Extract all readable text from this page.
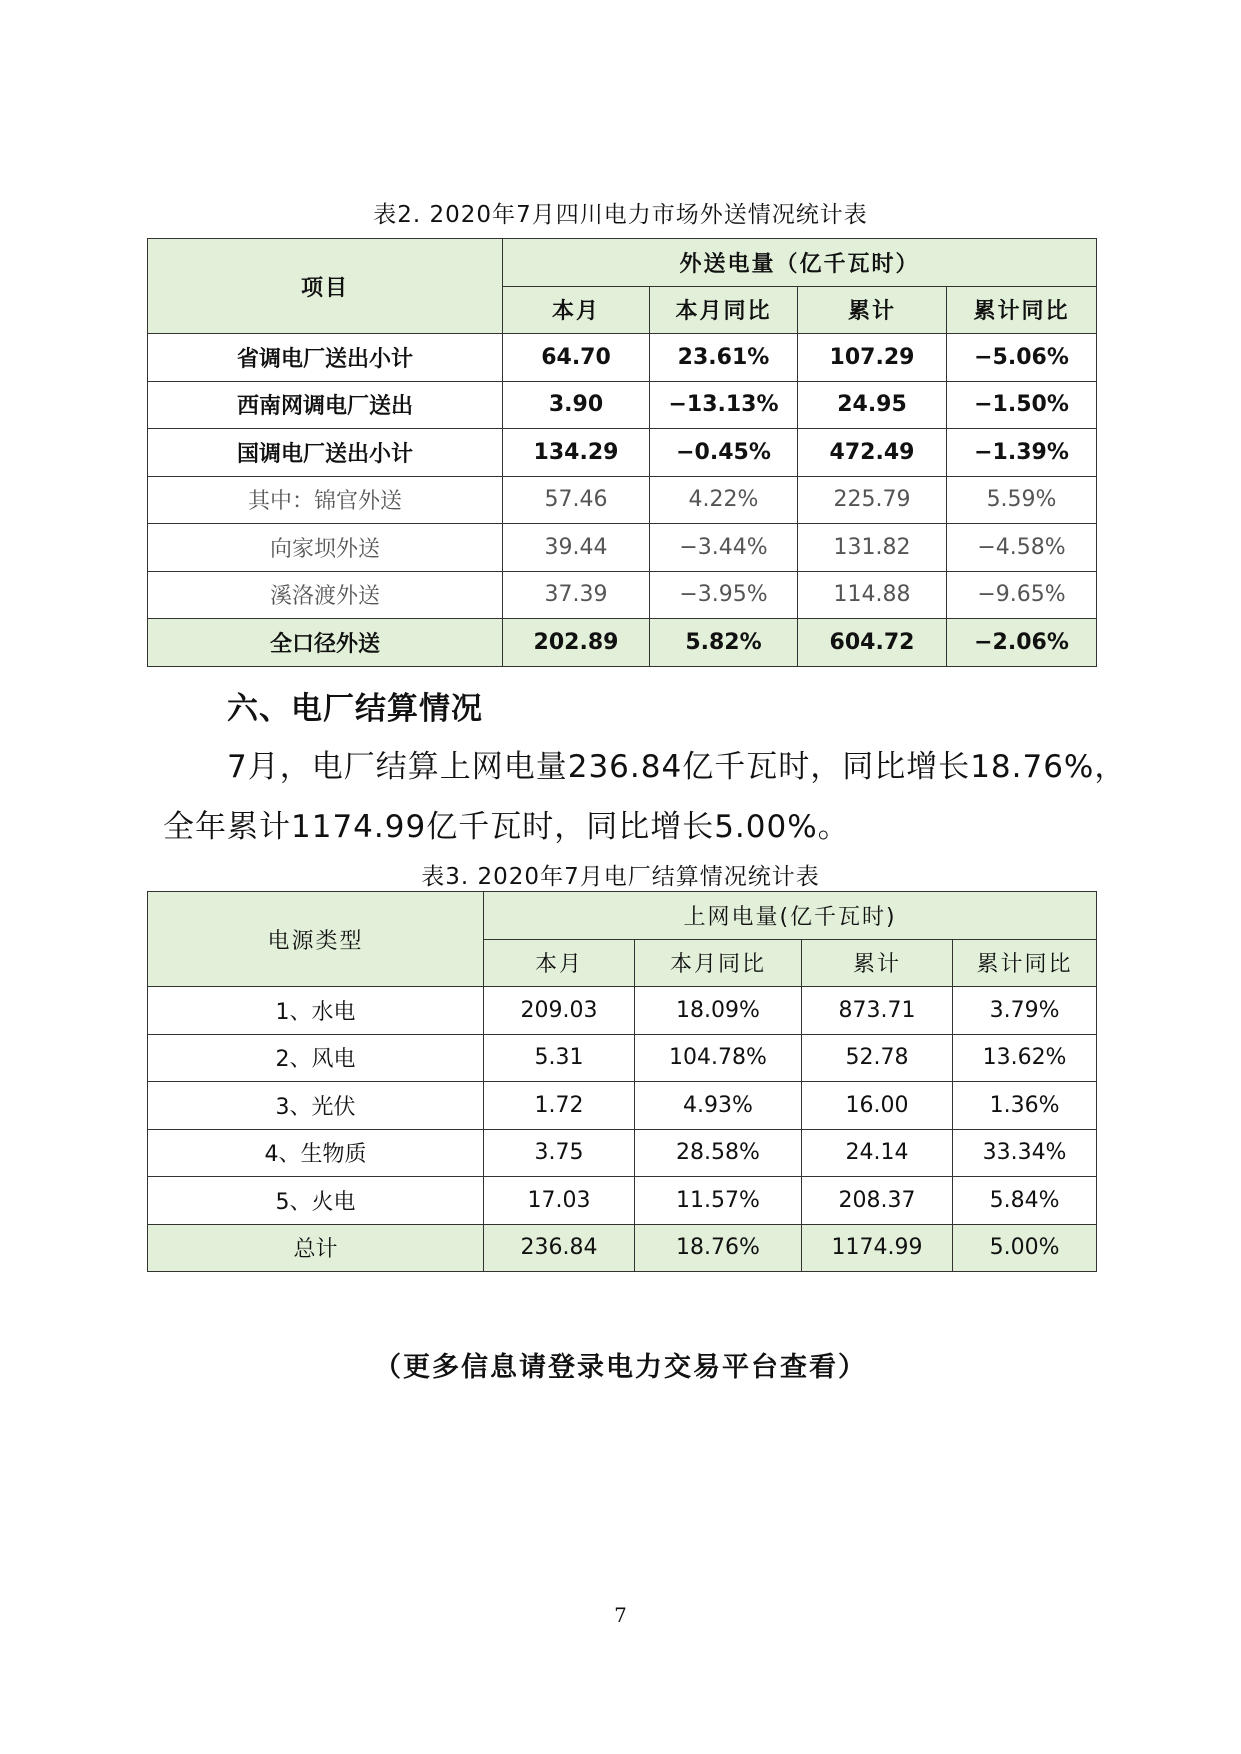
表2. 2020年7月四川电力市场外送情况统计表
项目	外送电量（亿千瓦时）			
	本月	本月同比	累计	累计同比
省调电厂送出小计	64.70	23.61%	107.29	−5.06%
西南网调电厂送出	3.90	−13.13%	24.95	−1.50%
国调电厂送出小计	134.29	−0.45%	472.49	−1.39%
其中：锦官外送	57.46	4.22%	225.79	5.59%
向家坝外送	39.44	−3.44%	131.82	−4.58%
溪洛渡外送	37.39	−3.95%	114.88	−9.65%
全口径外送	202.89	5.82%	604.72	−2.06%
六、电厂结算情况
7月，电厂结算上网电量236.84亿千瓦时，同比增长18.76%，
全年累计1174.99亿千瓦时，同比增长5.00%。
表3. 2020年7月电厂结算情况统计表
电源类型	上网电量(亿千瓦时)			
	本月	本月同比	累计	累计同比
1、水电	209.03	18.09%	873.71	3.79%
2、风电	5.31	104.78%	52.78	13.62%
3、光伏	1.72	4.93%	16.00	1.36%
4、生物质	3.75	28.58%	24.14	33.34%
5、火电	17.03	11.57%	208.37	5.84%
总计	236.84	18.76%	1174.99	5.00%
（更多信息请登录电力交易平台查看）
7
